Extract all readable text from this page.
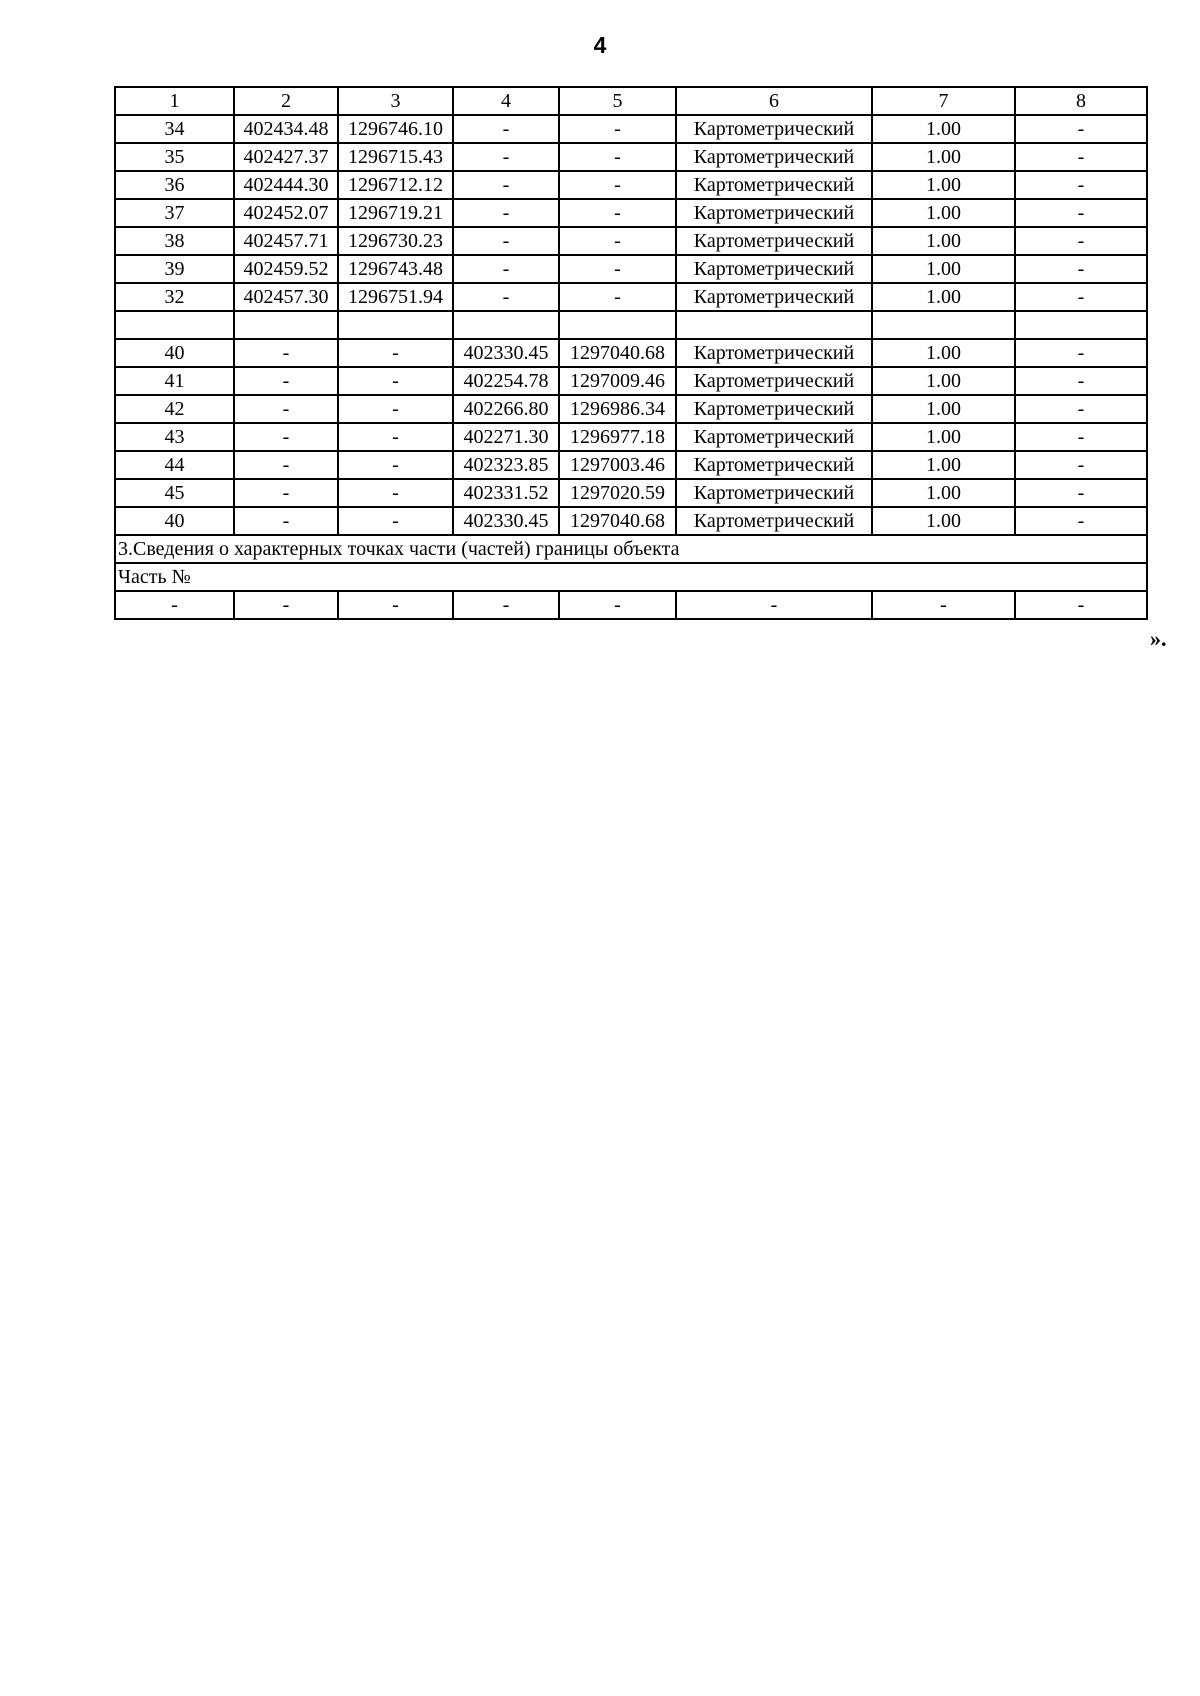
4
1	2	3	4	5	6	7	8
34	402434.48	1296746.10	-	-	Картометрический	1.00	-
35	402427.37	1296715.43	-	-	Картометрический	1.00	-
36	402444.30	1296712.12	-	-	Картометрический	1.00	-
37	402452.07	1296719.21	-	-	Картометрический	1.00	-
38	402457.71	1296730.23	-	-	Картометрический	1.00	-
39	402459.52	1296743.48	-	-	Картометрический	1.00	-
32	402457.30	1296751.94	-	-	Картометрический	1.00	-

40	-	-	402330.45	1297040.68	Картометрический	1.00	-
41	-	-	402254.78	1297009.46	Картометрический	1.00	-
42	-	-	402266.80	1296986.34	Картометрический	1.00	-
43	-	-	402271.30	1296977.18	Картометрический	1.00	-
44	-	-	402323.85	1297003.46	Картометрический	1.00	-
45	-	-	402331.52	1297020.59	Картометрический	1.00	-
40	-	-	402330.45	1297040.68	Картометрический	1.00	-
3.Сведения о характерных точках части (частей) границы объекта							
Часть №							
-	-	-	-	-	-	-	-
».
